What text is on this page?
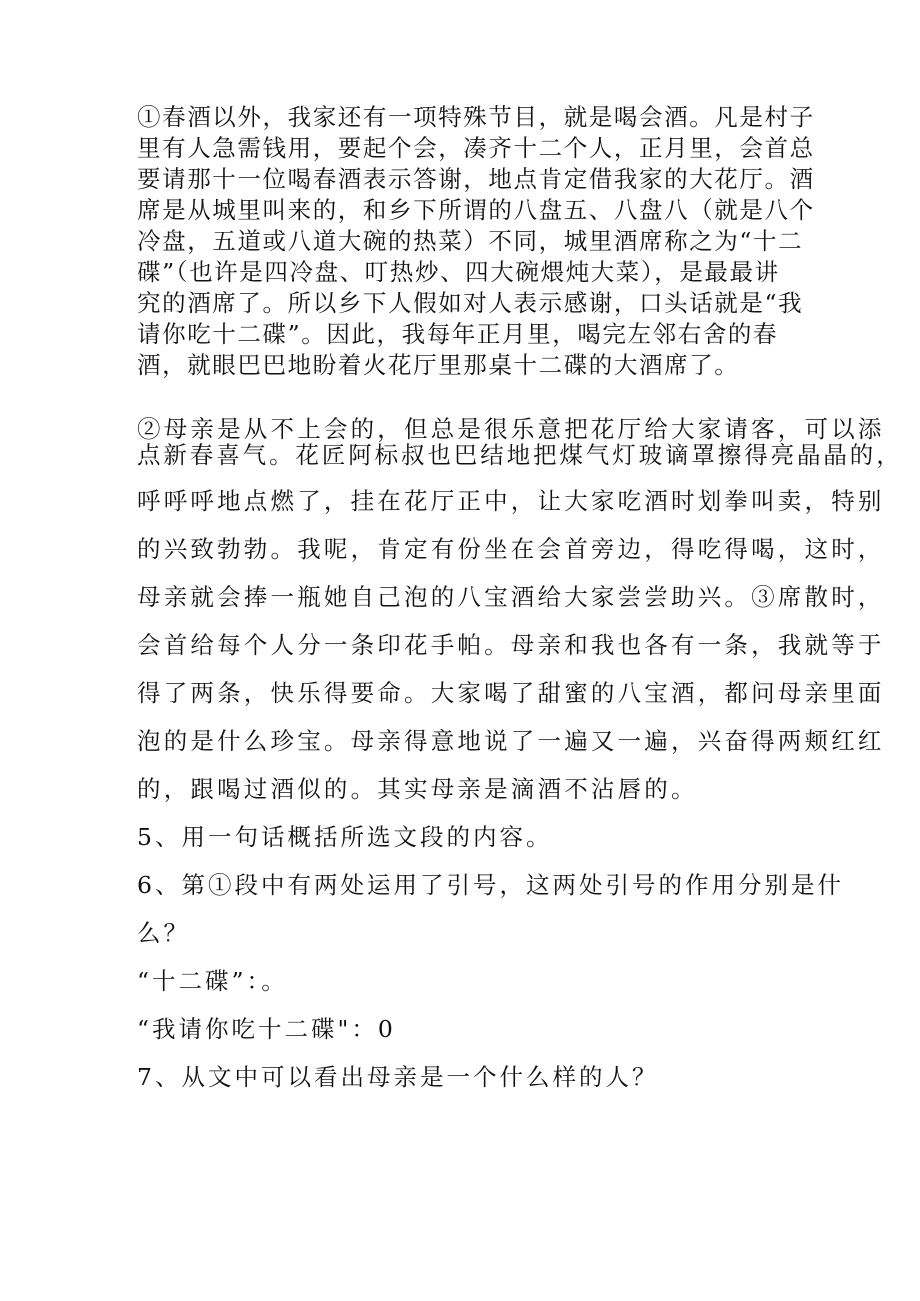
①春酒以外，我家还有一项特殊节目，就是喝会酒。凡是村子

里有人急需钱用，要起个会，凑齐十二个人，正月里，会首总

要请那十一位喝春酒表示答谢，地点肯定借我家的大花厅。酒

席是从城里叫来的，和乡下所谓的八盘五、八盘八（就是八个

冷盘，五道或八道大碗的热菜）不同，城里酒席称之为“十二

碟”（也许是四冷盘、叮热炒、四大碗煨炖大菜），是最最讲

究的酒席了。所以乡下人假如对人表示感谢，口头话就是“我

请你吃十二碟”。因此，我每年正月里，喝完左邻右舍的春

酒，就眼巴巴地盼着火花厅里那桌十二碟的大酒席了。

②母亲是从不上会的，但总是很乐意把花厅给大家请客，可以添

点新春喜气。花匠阿标叔也巴结地把煤气灯玻谪罩擦得亮晶晶的，

呼呼呼地点燃了，挂在花厅正中，让大家吃酒时划拳叫卖，特别

的兴致勃勃。我呢，肯定有份坐在会首旁边，得吃得喝，这时，

母亲就会捧一瓶她自己泡的八宝酒给大家尝尝助兴。③席散时，

会首给每个人分一条印花手帕。母亲和我也各有一条，我就等于

得了两条，快乐得要命。大家喝了甜蜜的八宝酒，都问母亲里面

泡的是什么珍宝。母亲得意地说了一遍又一遍，兴奋得两颊红红

的，跟喝过酒似的。其实母亲是滴酒不沾唇的。

5、用一句话概括所选文段的内容。

6、第①段中有两处运用了引号，这两处引号的作用分别是什

么？

“十二碟”：。

“我请你吃十二碟"：0

7、从文中可以看出母亲是一个什么样的人？
